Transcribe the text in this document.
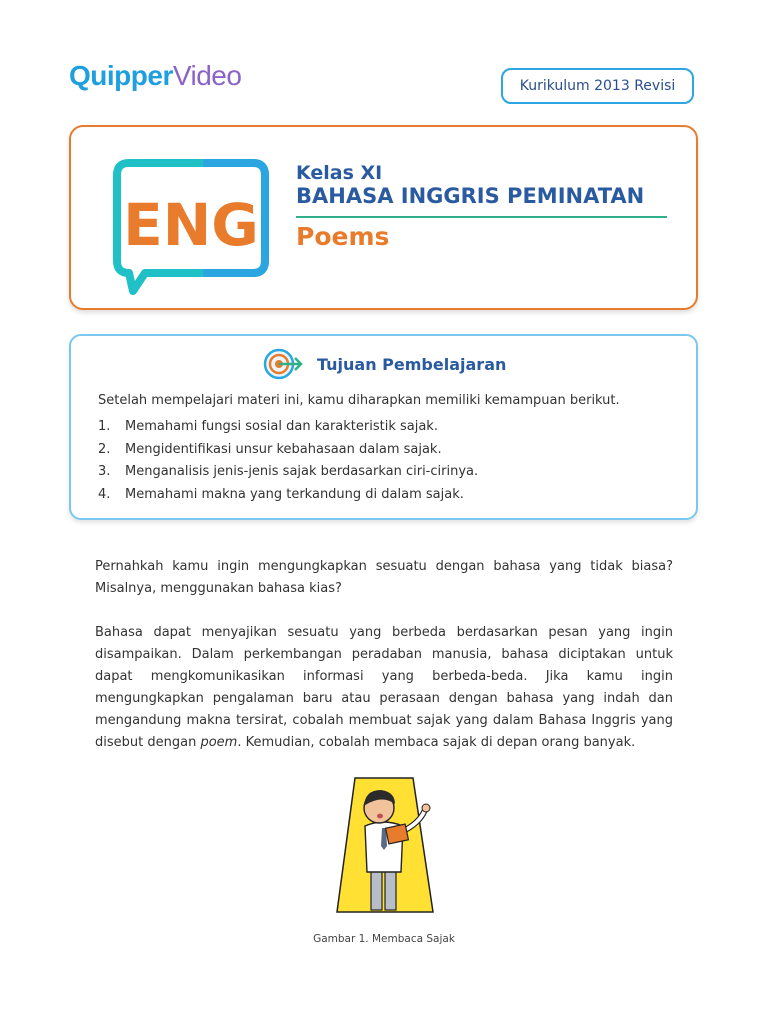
QuipperVideo	Kurikulum 2013 Revisi
ENG
Kelas XI
BAHASA INGGRIS PEMINATAN
Poems
Tujuan Pembelajaran
Setelah mempelajari materi ini, kamu diharapkan memiliki kemampuan berikut.
1.	Memahami fungsi sosial dan karakteristik sajak.
2.	Mengidentifikasi unsur kebahasaan dalam sajak.
3.	Menganalisis jenis-jenis sajak berdasarkan ciri-cirinya.
4.	Memahami makna yang terkandung di dalam sajak.

Pernahkah kamu ingin mengungkapkan sesuatu dengan bahasa yang tidak biasa? Misalnya, menggunakan bahasa kias?

Bahasa dapat menyajikan sesuatu yang berbeda berdasarkan pesan yang ingin disampaikan. Dalam perkembangan peradaban manusia, bahasa diciptakan untuk dapat mengkomunikasikan informasi yang berbeda-beda. Jika kamu ingin mengungkapkan pengalaman baru atau perasaan dengan bahasa yang indah dan mengandung makna tersirat, cobalah membuat sajak yang dalam Bahasa Inggris yang disebut dengan poem. Kemudian, cobalah membaca sajak di depan orang banyak.

Gambar 1. Membaca Sajak
